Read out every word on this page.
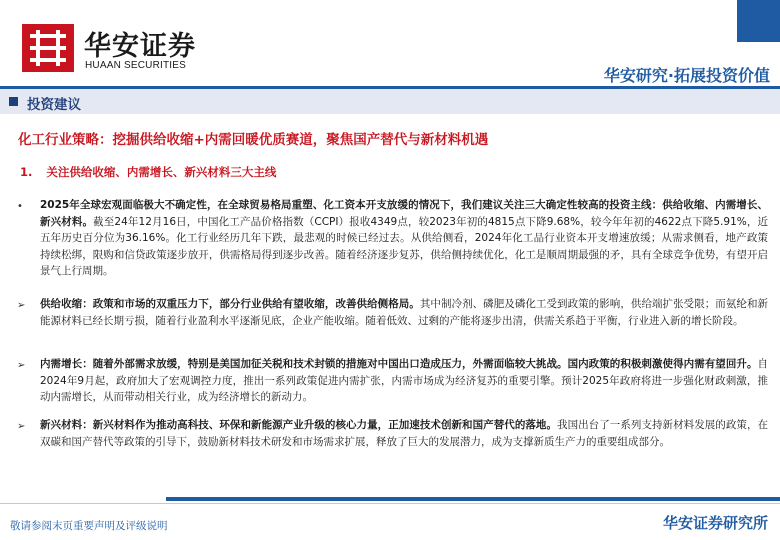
华安证券
HUAAN SECURITIES
华安研究·拓展投资价值
投资建议
化工行业策略：挖掘供给收缩+内需回暖优质赛道，聚焦国产替代与新材料机遇
1. 关注供给收缩、内需增长、新兴材料三大主线
• 2025年全球宏观面临极大不确定性，在全球贸易格局重塑、化工资本开支放缓的情况下，我们建议关注三大确定性较高的投资主线：供给收缩、内需增长、新兴材料。截至24年12月16日，中国化工产品价格指数（CCPI）报收4349点，较2023年初的4815点下降9.68%，较今年年初的4622点下降5.91%，近五年历史百分位为36.16%。化工行业经历几年下跌，最悲观的时候已经过去。从供给侧看，2024年化工品行业资本开支增速放缓；从需求侧看，地产政策持续松绑，限购和信贷政策逐步放开，供需格局得到逐步改善。随着经济逐步复苏，供给侧持续优化，化工是顺周期最强的矛，具有全球竞争优势，有望开启景气上行周期。
➢ 供给收缩：政策和市场的双重压力下，部分行业供给有望收缩，改善供给侧格局。其中制冷剂、磷肥及磷化工受到政策的影响，供给端扩张受限；而氨纶和新能源材料已经长期亏损，随着行业盈利水平逐渐见底，企业产能收缩。随着低效、过剩的产能将逐步出清，供需关系趋于平衡，行业进入新的增长阶段。
➢ 内需增长：随着外部需求放缓，特别是美国加征关税和技术封锁的措施对中国出口造成压力，外需面临较大挑战。国内政策的积极刺激使得内需有望回升。自2024年9月起，政府加大了宏观调控力度，推出一系列政策促进内需扩张，内需市场成为经济复苏的重要引擎。预计2025年政府将进一步强化财政刺激，推动内需增长，从而带动相关行业，成为经济增长的新动力。
➢ 新兴材料：新兴材料作为推动高科技、环保和新能源产业升级的核心力量，正加速技术创新和国产替代的落地。我国出台了一系列支持新材料发展的政策，在双碳和国产替代等政策的引导下，鼓励新材料技术研发和市场需求扩展，释放了巨大的发展潜力，成为支撑新质生产力的重要组成部分。
敬请参阅末页重要声明及评级说明	华安证券研究所
